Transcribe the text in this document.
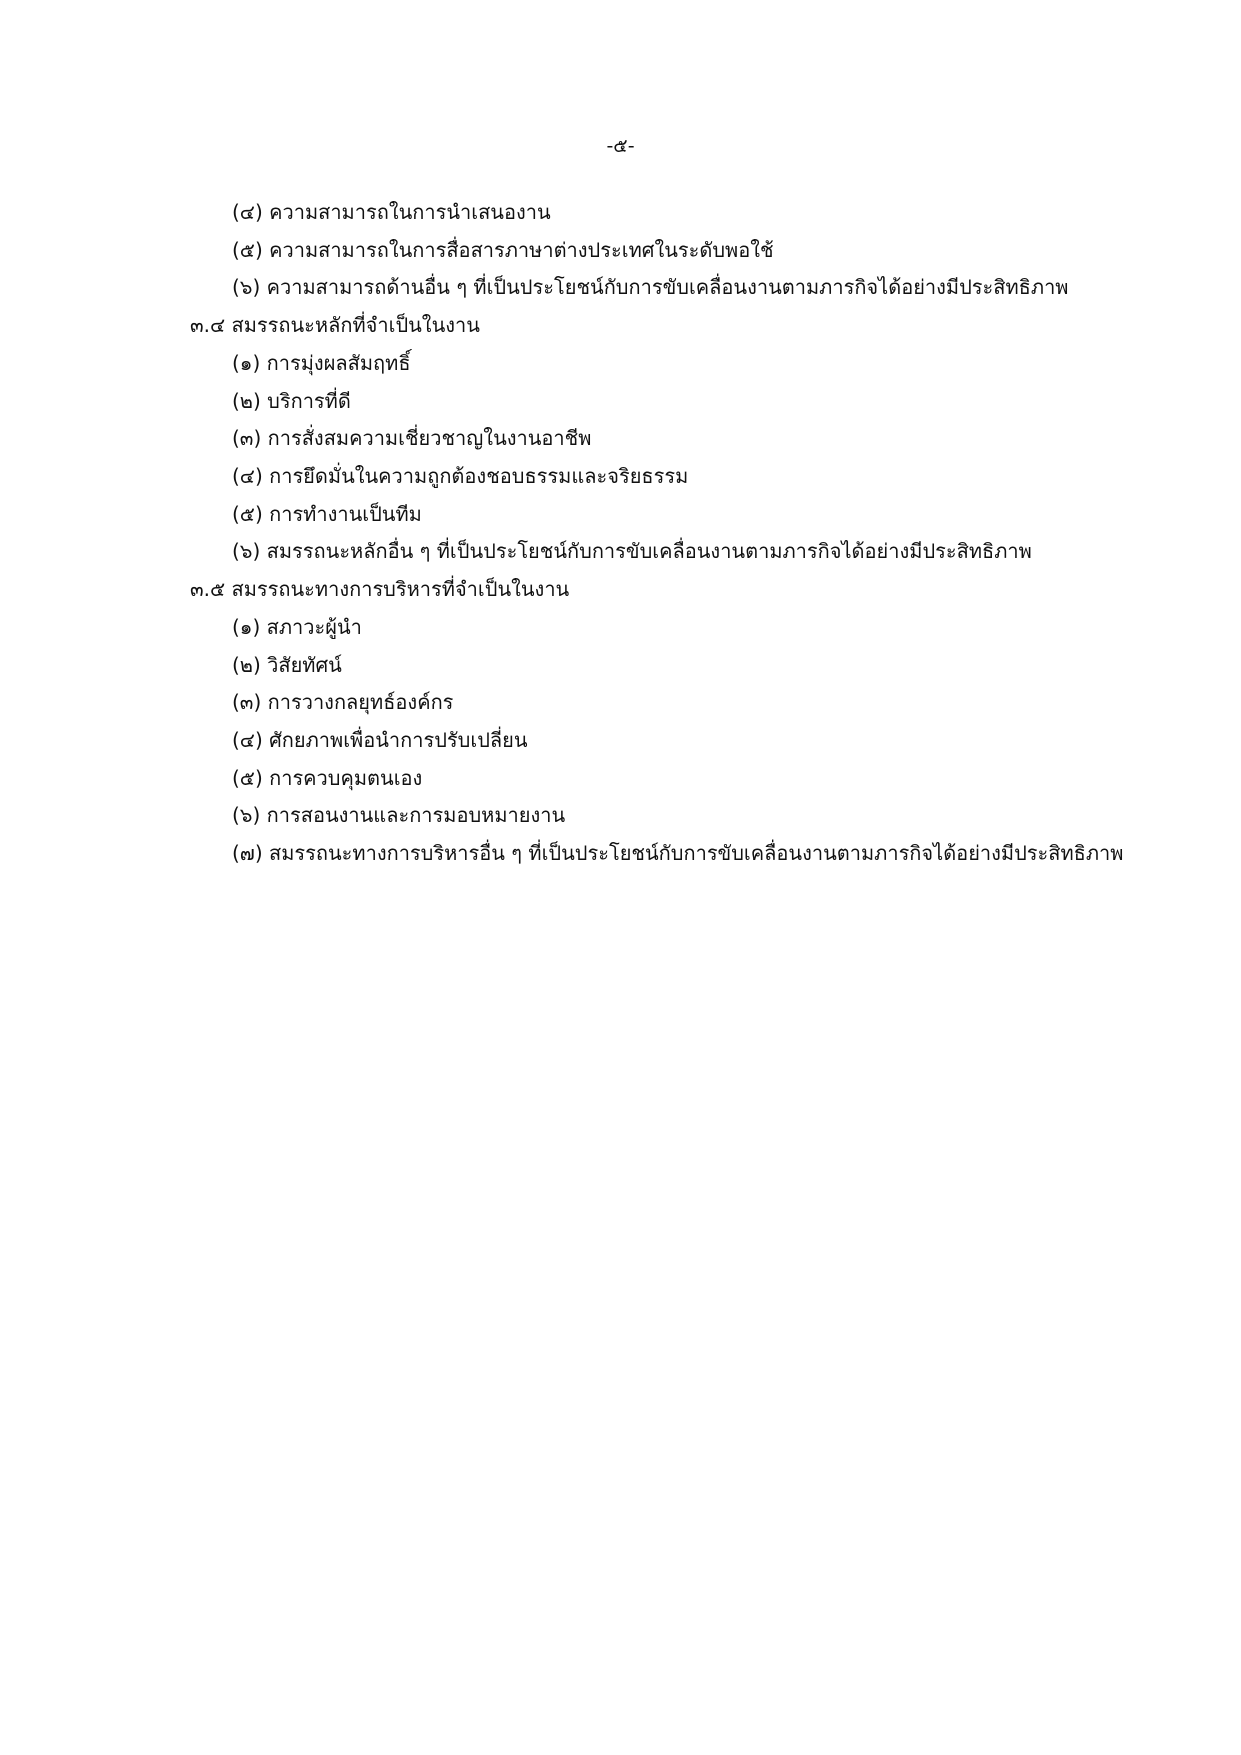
-๕-
(๔) ความสามารถในการนำเสนองาน
(๕) ความสามารถในการสื่อสารภาษาต่างประเทศในระดับพอใช้
(๖) ความสามารถด้านอื่น ๆ ที่เป็นประโยชน์กับการขับเคลื่อนงานตามภารกิจได้อย่างมีประสิทธิภาพ
๓.๔ สมรรถนะหลักที่จำเป็นในงาน
(๑) การมุ่งผลสัมฤทธิ์
(๒) บริการที่ดี
(๓) การสั่งสมความเชี่ยวชาญในงานอาชีพ
(๔) การยึดมั่นในความถูกต้องชอบธรรมและจริยธรรม
(๕) การทำงานเป็นทีม
(๖) สมรรถนะหลักอื่น ๆ ที่เป็นประโยชน์กับการขับเคลื่อนงานตามภารกิจได้อย่างมีประสิทธิภาพ
๓.๕ สมรรถนะทางการบริหารที่จำเป็นในงาน
(๑) สภาวะผู้นำ
(๒) วิสัยทัศน์
(๓) การวางกลยุทธ์องค์กร
(๔) ศักยภาพเพื่อนำการปรับเปลี่ยน
(๕) การควบคุมตนเอง
(๖) การสอนงานและการมอบหมายงาน
(๗) สมรรถนะทางการบริหารอื่น ๆ ที่เป็นประโยชน์กับการขับเคลื่อนงานตามภารกิจได้อย่างมีประสิทธิภาพ
